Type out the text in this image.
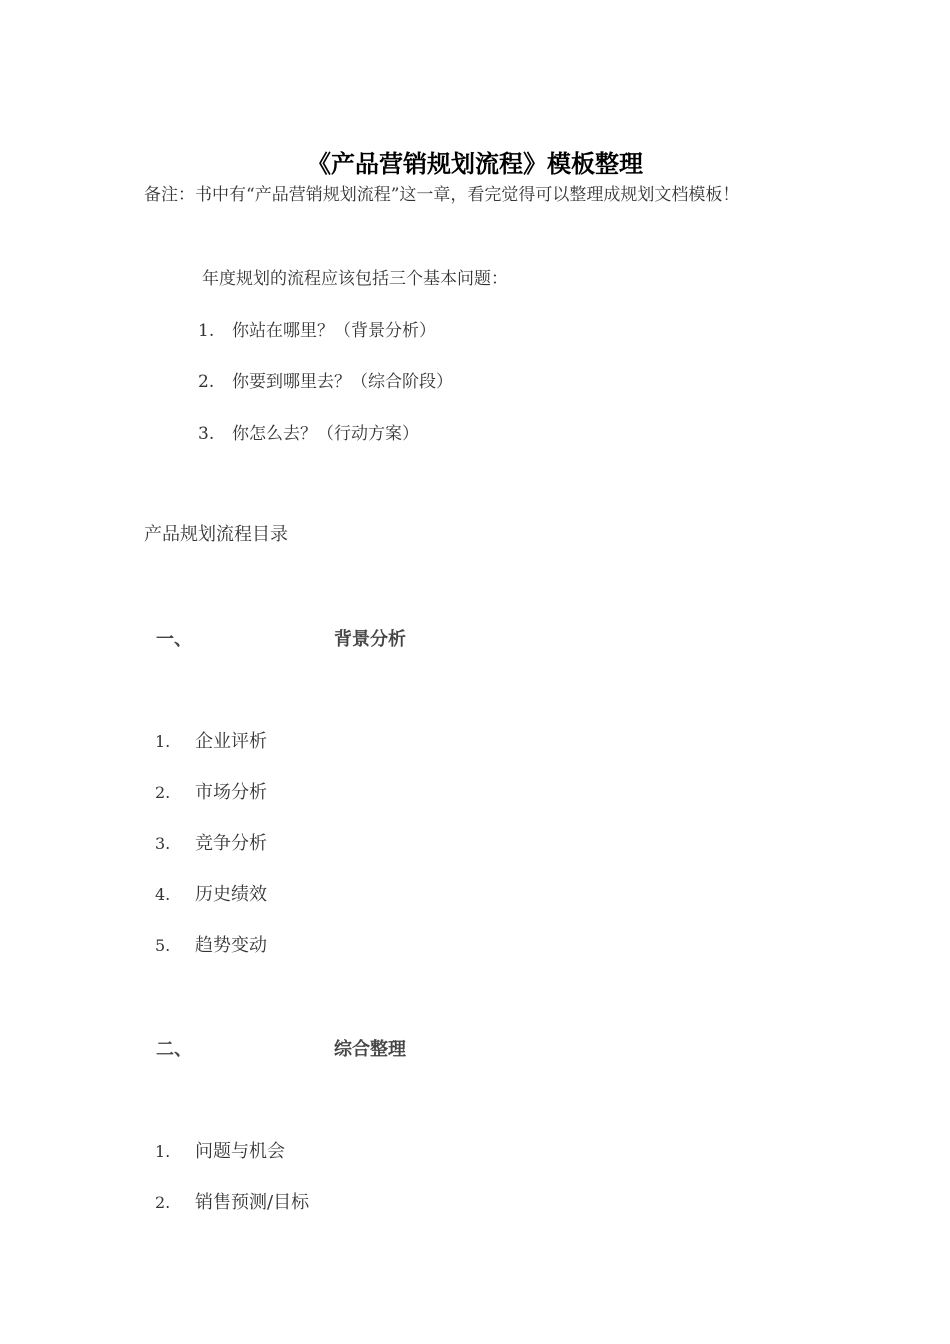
《产品营销规划流程》模板整理
备注：书中有“产品营销规划流程”这一章，看完觉得可以整理成规划文档模板！
年度规划的流程应该包括三个基本问题：
1. 你站在哪里？（背景分析）
2. 你要到哪里去？（综合阶段）
3. 你怎么去？（行动方案）
产品规划流程目录
一、	背景分析
1. 企业评析
2. 市场分析
3. 竞争分析
4. 历史绩效
5. 趋势变动
二、	综合整理
1. 问题与机会
2. 销售预测/目标
